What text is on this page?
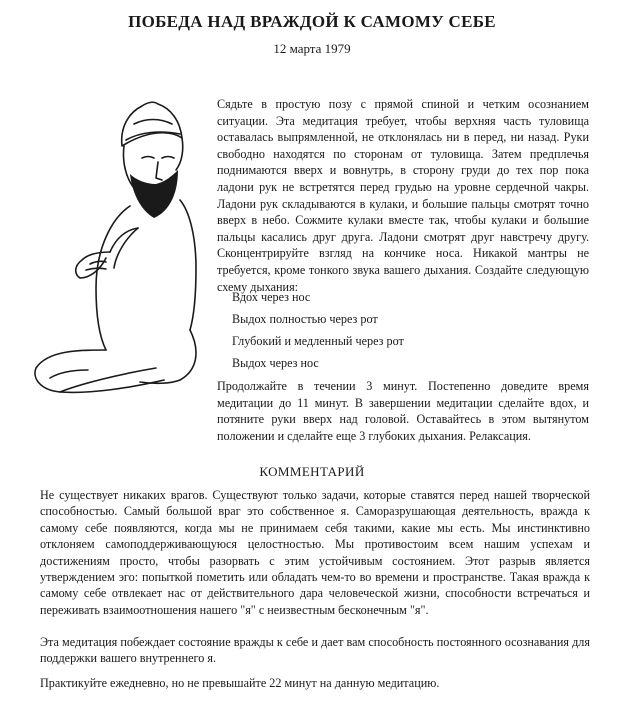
ПОБЕДА НАД ВРАЖДОЙ К САМОМУ СЕБЕ
12 марта 1979

Сядьте в простую позу с прямой спиной и четким осознанием ситуации. Эта медитация требует, чтобы верхняя часть туловища оставалась выпрямленной, не отклонялась ни в перед, ни назад. Руки свободно находятся по сторонам от туловища. Затем предплечья поднимаются вверх и вовнутрь, в сторону груди до тех пор пока ладони рук не встретятся перед грудью на уровне сердечной чакры. Ладони рук складываются в кулаки, и большие пальцы смотрят точно вверх в небо. Сожмите кулаки вместе так, чтобы кулаки и большие пальцы касались друг друга. Ладони смотрят друг навстречу другу. Сконцентрируйте взгляд на кончике носа. Никакой мантры не требуется, кроме тонкого звука вашего дыхания. Создайте следующую схему дыхания:

Вдох через нос

Выдох полностью через рот

Глубокий и медленный через рот

Выдох через нос

Продолжайте в течении 3 минут. Постепенно доведите время медитации до 11 минут. В завершении медитации сделайте вдох, и потяните руки вверх над головой. Оставайтесь в этом вытянутом положении и сделайте еще 3 глубоких дыхания. Релаксация.

КОММЕНТАРИЙ

Не существует никаких врагов. Существуют только задачи, которые ставятся перед нашей творческой способностью. Самый большой враг это собственное я. Саморазрушающая деятельность, вражда к самому себе появляются, когда мы не принимаем себя такими, какие мы есть. Мы инстинктивно отклоняем самоподдерживающуюся целостностью. Мы противостоим всем нашим успехам и достижениям просто, чтобы разорвать с этим устойчивым состоянием. Этот разрыв является утверждением эго: попыткой пометить или обладать чем-то во времени и пространстве. Такая вражда к самому себе отвлекает нас от действительного дара человеческой жизни, способности встречаться и переживать взаимоотношения нашего "я" с неизвестным бесконечным "я".

Эта медитация побеждает состояние вражды к себе и дает вам способность постоянного осознавания для поддержки вашего внутреннего я.

Практикуйте ежедневно, но не превышайте 22 минут на данную медитацию.
